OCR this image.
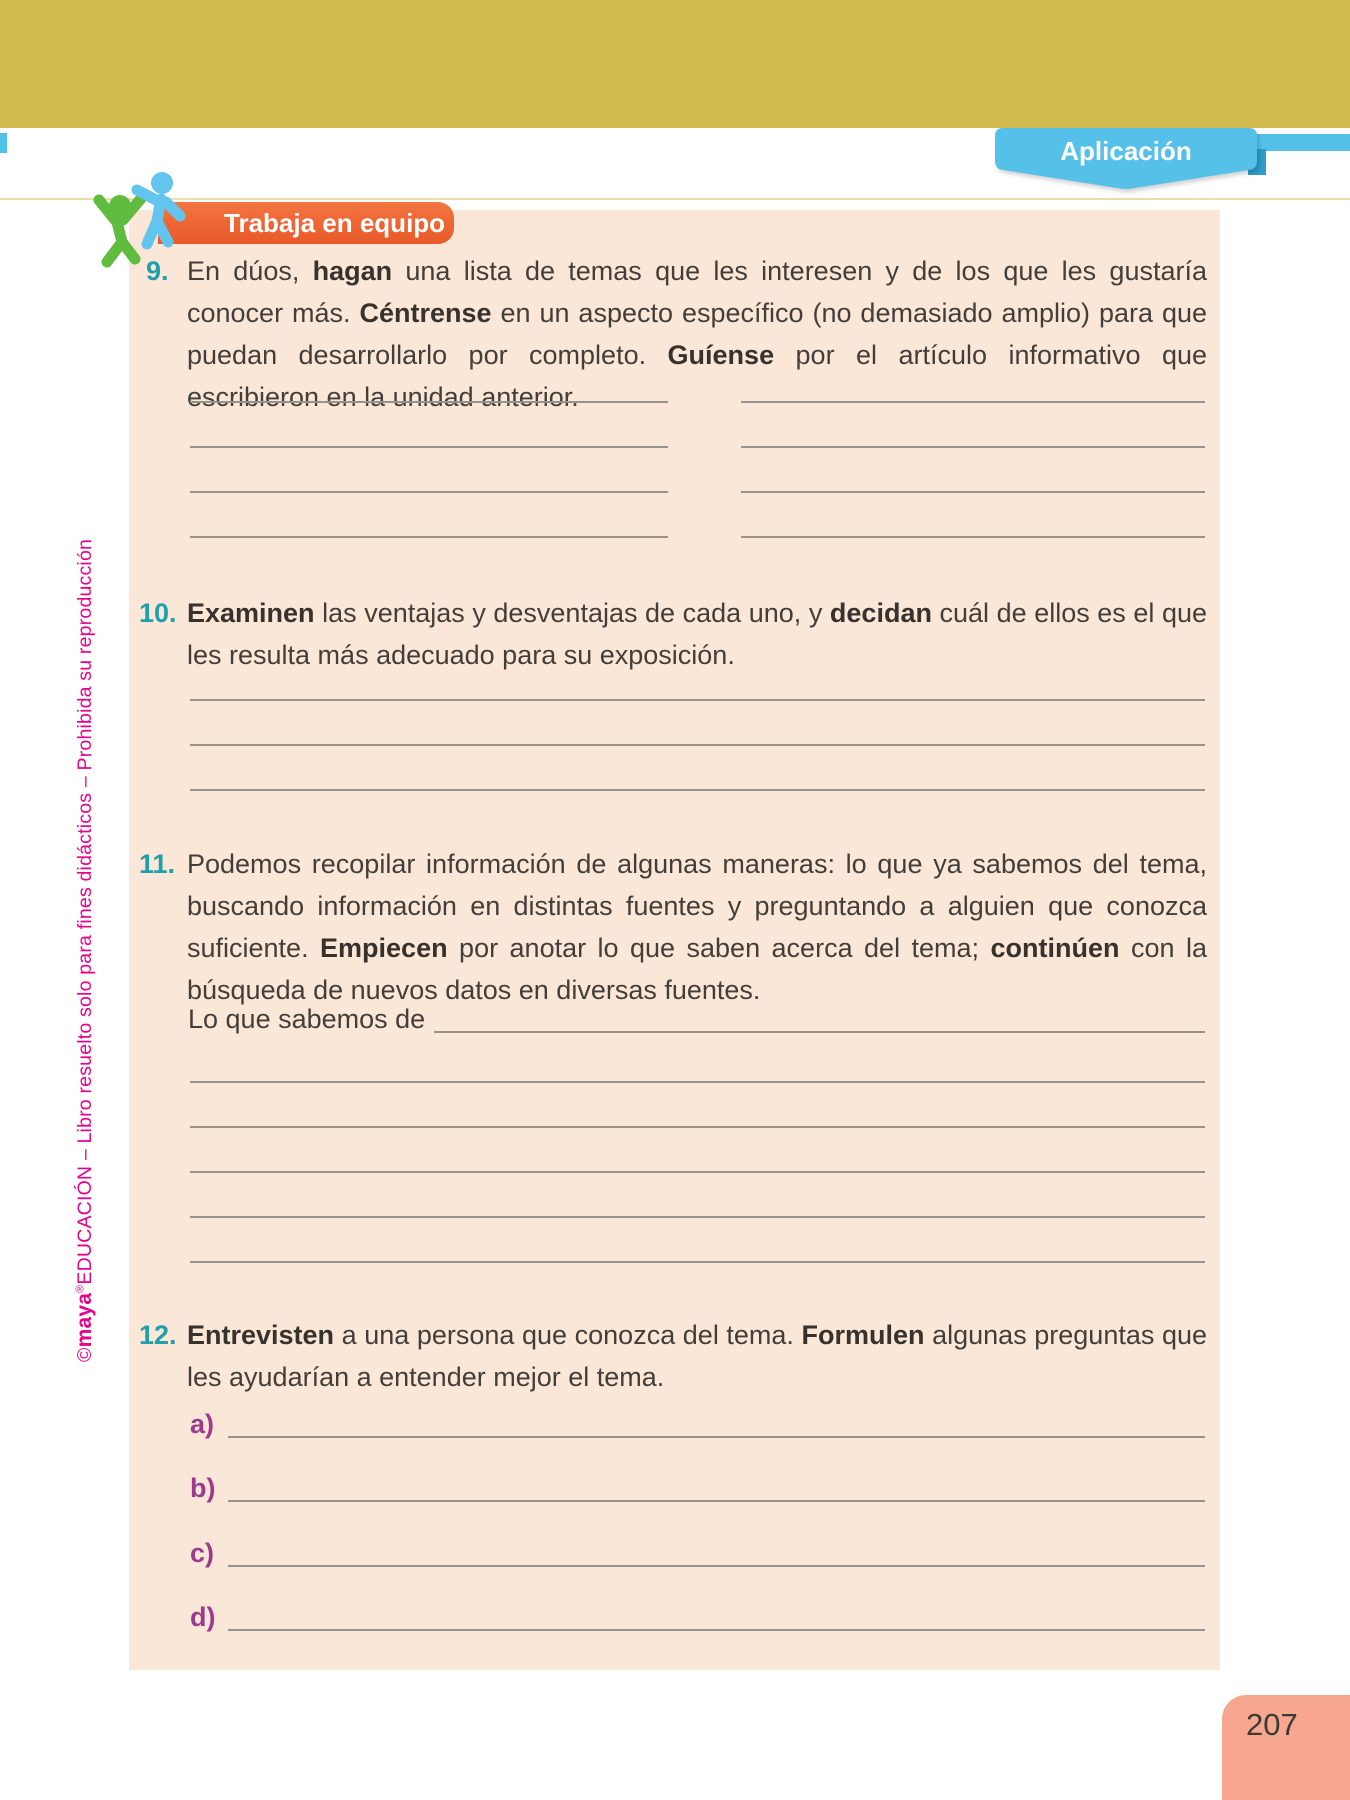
Aplicación
Trabaja en equipo
9. En dúos, hagan una lista de temas que les interesen y de los que les gustaría conocer más. Céntrense en un aspecto específico (no demasiado amplio) para que puedan desarrollarlo por completo. Guíense por el artículo informativo que escribieron en la unidad anterior.

10. Examinen las ventajas y desventajas de cada uno, y decidan cuál de ellos es el que les resulta más adecuado para su exposición.

11. Podemos recopilar información de algunas maneras: lo que ya sabemos del tema, buscando información en distintas fuentes y preguntando a alguien que conozca suficiente. Empiecen por anotar lo que saben acerca del tema; continúen con la búsqueda de nuevos datos en diversas fuentes.

Lo que sabemos de
12. Entrevisten a una persona que conozca del tema. Formulen algunas preguntas que les ayudarían a entender mejor el tema.

a)
b)
c)
d)
©maya®EDUCACIÓN – Libro resuelto solo para fines didácticos – Prohibida su reproducción
207
